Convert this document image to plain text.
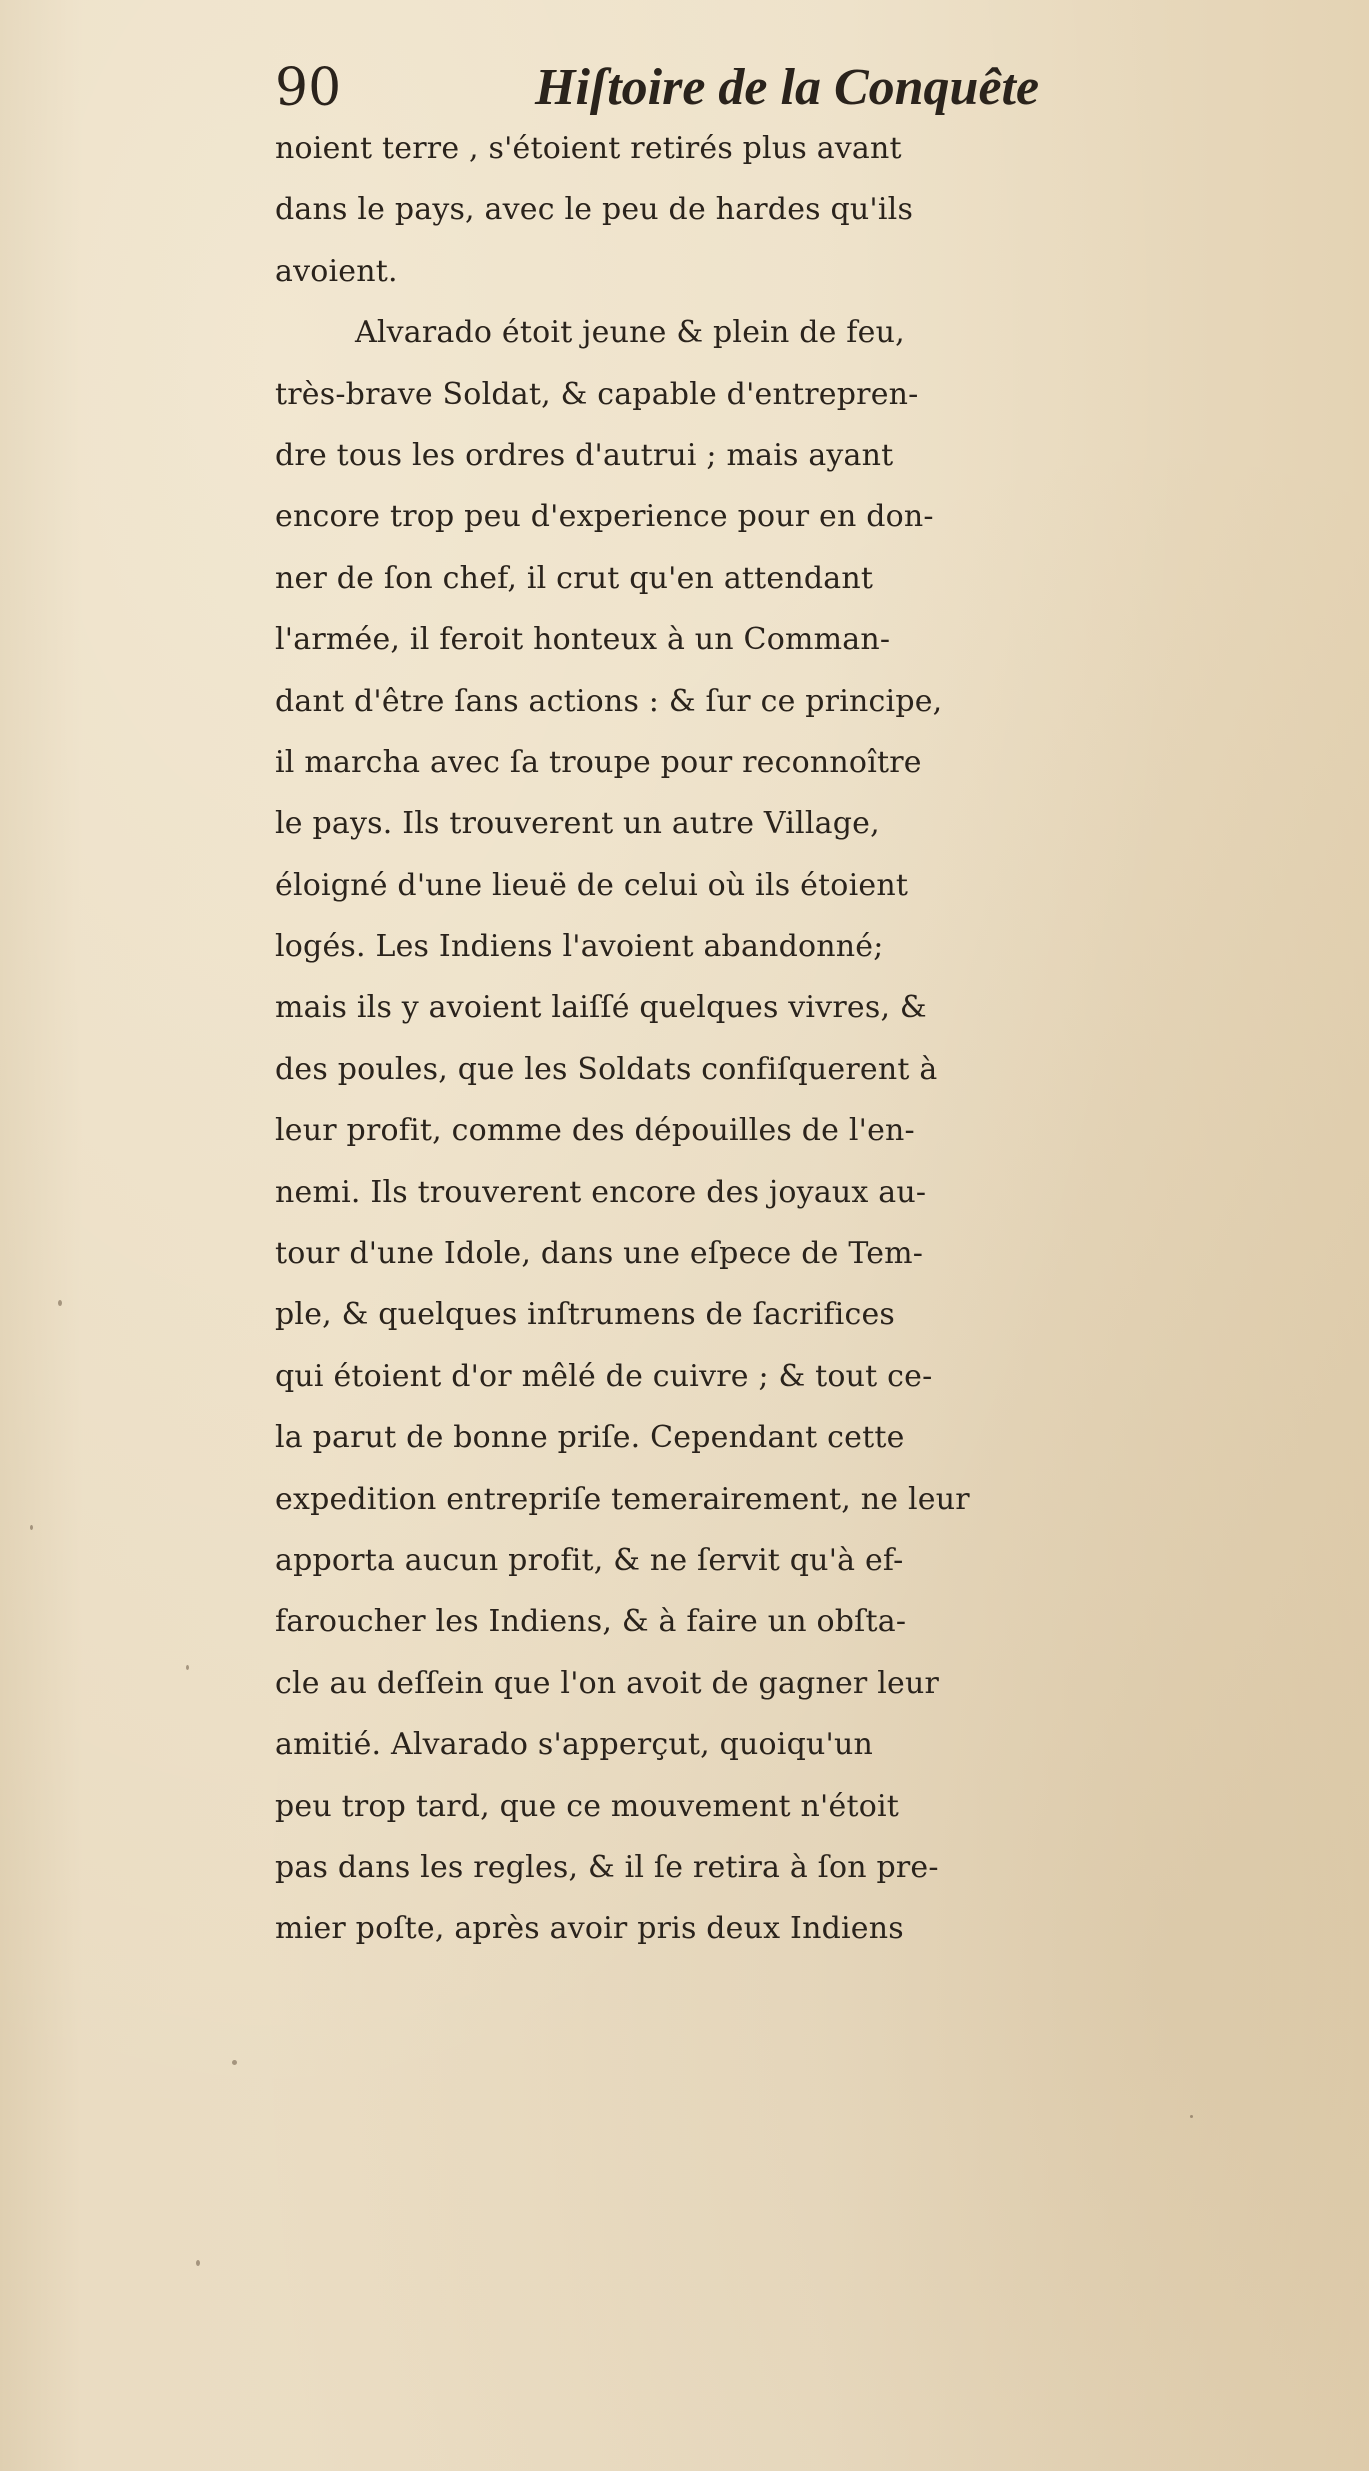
90	Hiſtoire de la Conquête
noient terre , s'étoient retirés plus avant
dans le pays, avec le peu de hardes qu'ils
avoient.
Alvarado étoit jeune & plein de feu,
très-brave Soldat, & capable d'entrepren-
dre tous les ordres d'autrui ; mais ayant
encore trop peu d'experience pour en don-
ner de ſon chef, il crut qu'en attendant
l'armée, il feroit honteux à un Comman-
dant d'être ſans actions : & ſur ce principe,
il marcha avec ſa troupe pour reconnoître
le pays. Ils trouverent un autre Village,
éloigné d'une lieuë de celui où ils étoient
logés. Les Indiens l'avoient abandonné;
mais ils y avoient laiſſé quelques vivres, &
des poules, que les Soldats confiſquerent à
leur profit, comme des dépouilles de l'en-
nemi. Ils trouverent encore des joyaux au-
tour d'une Idole, dans une eſpece de Tem-
ple, & quelques inſtrumens de ſacrifices
qui étoient d'or mêlé de cuivre ; & tout ce-
la parut de bonne priſe. Cependant cette
expedition entrepriſe temerairement, ne leur
apporta aucun profit, & ne ſervit qu'à ef-
faroucher les Indiens, & à faire un obſta-
cle au deſſein que l'on avoit de gagner leur
amitié. Alvarado s'apperçut, quoiqu'un
peu trop tard, que ce mouvement n'étoit
pas dans les regles, & il ſe retira à ſon pre-
mier poſte, après avoir pris deux Indiens
